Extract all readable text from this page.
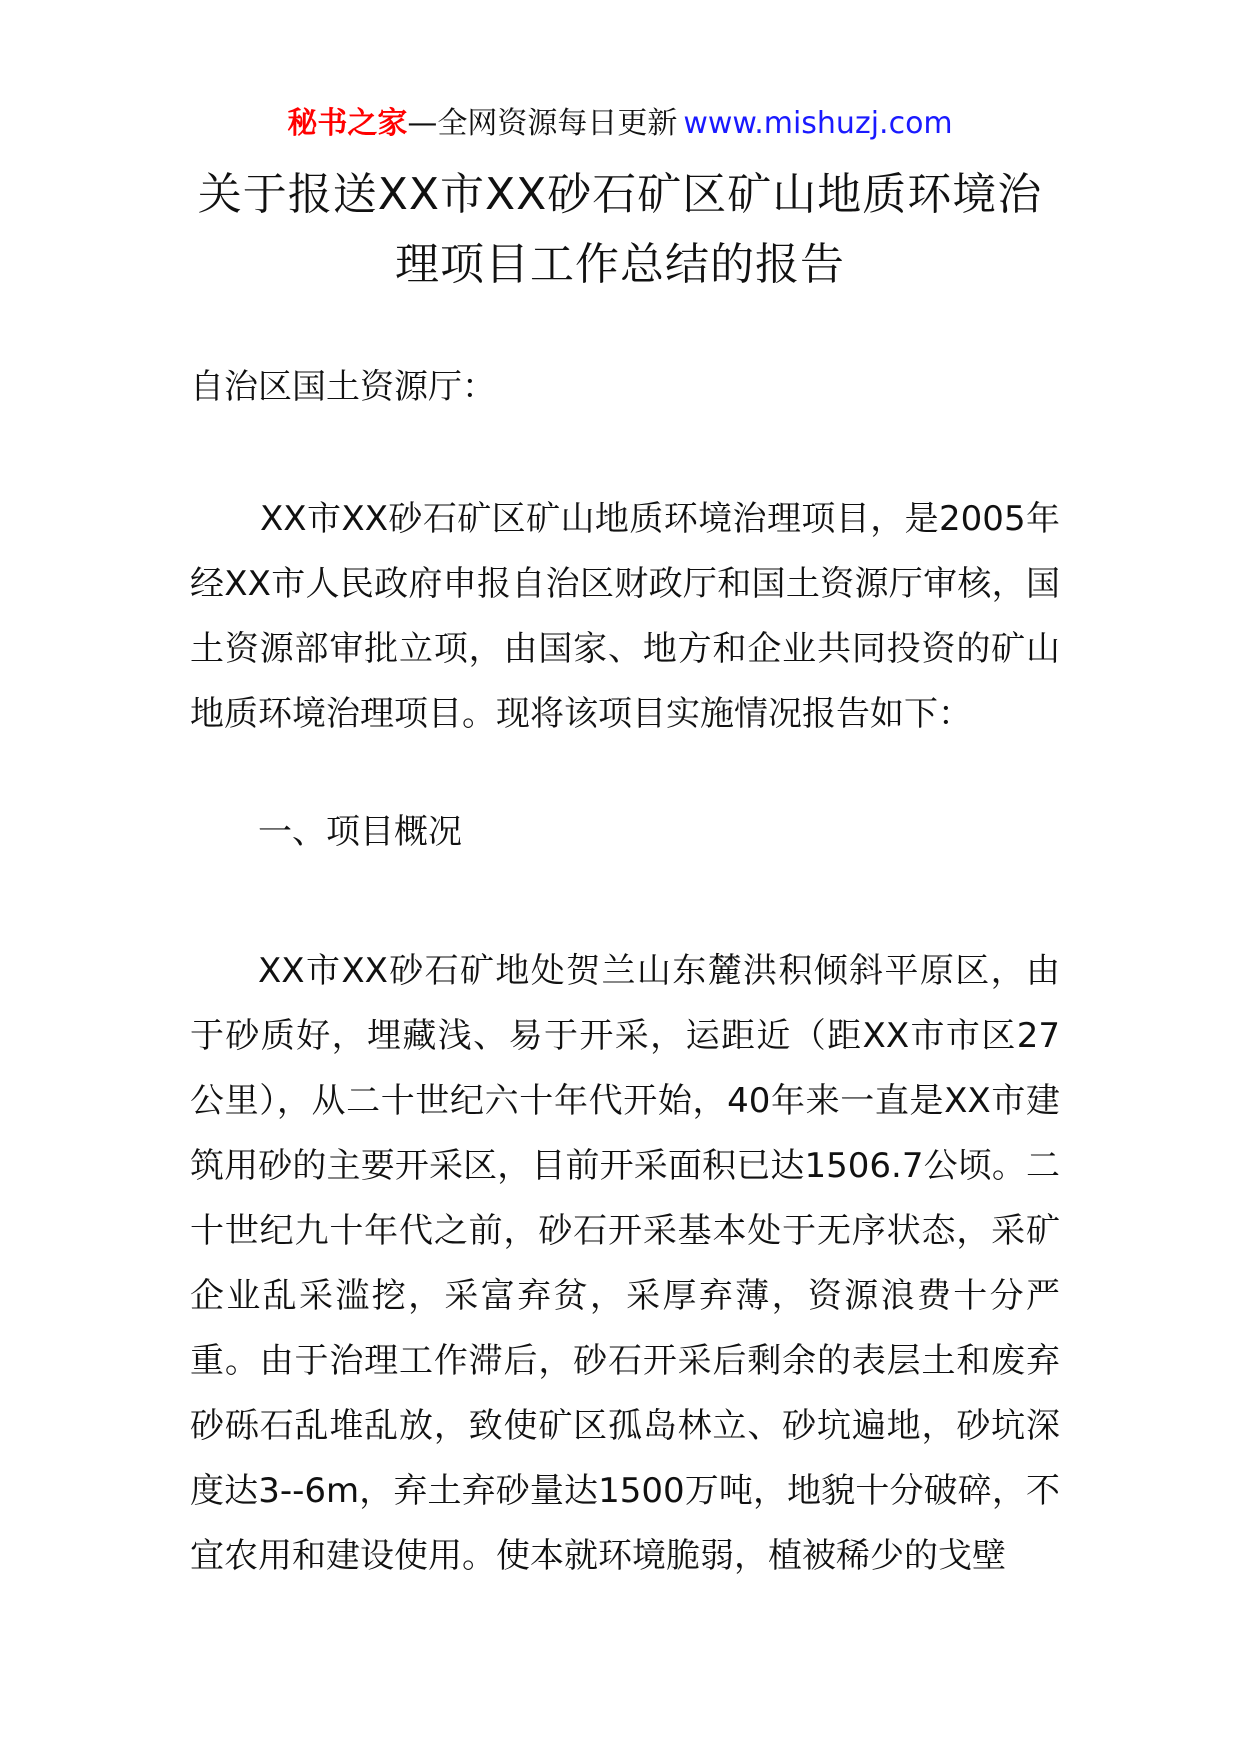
秘书之家—全网资源每日更新 www.mishuzj.com
关于报送XX市XX砂石矿区矿山地质环境治理项目工作总结的报告
自治区国土资源厅：
XX市XX砂石矿区矿山地质环境治理项目，是2005年经XX市人民政府申报自治区财政厅和国土资源厅审核，国土资源部审批立项，由国家、地方和企业共同投资的矿山地质环境治理项目。现将该项目实施情况报告如下：
一、项目概况
XX市XX砂石矿地处贺兰山东麓洪积倾斜平原区，由于砂质好，埋藏浅、易于开采，运距近（距XX市市区27公里），从二十世纪六十年代开始，40年来一直是XX市建筑用砂的主要开采区，目前开采面积已达1506.7公顷。二十世纪九十年代之前，砂石开采基本处于无序状态，采矿企业乱采滥挖，采富弃贫，采厚弃薄，资源浪费十分严重。由于治理工作滞后，砂石开采后剩余的表层土和废弃砂砾石乱堆乱放，致使矿区孤岛林立、砂坑遍地，砂坑深度达3--6m，弃土弃砂量达1500万吨，地貌十分破碎，不宜农用和建设使用。使本就环境脆弱，植被稀少的戈壁
